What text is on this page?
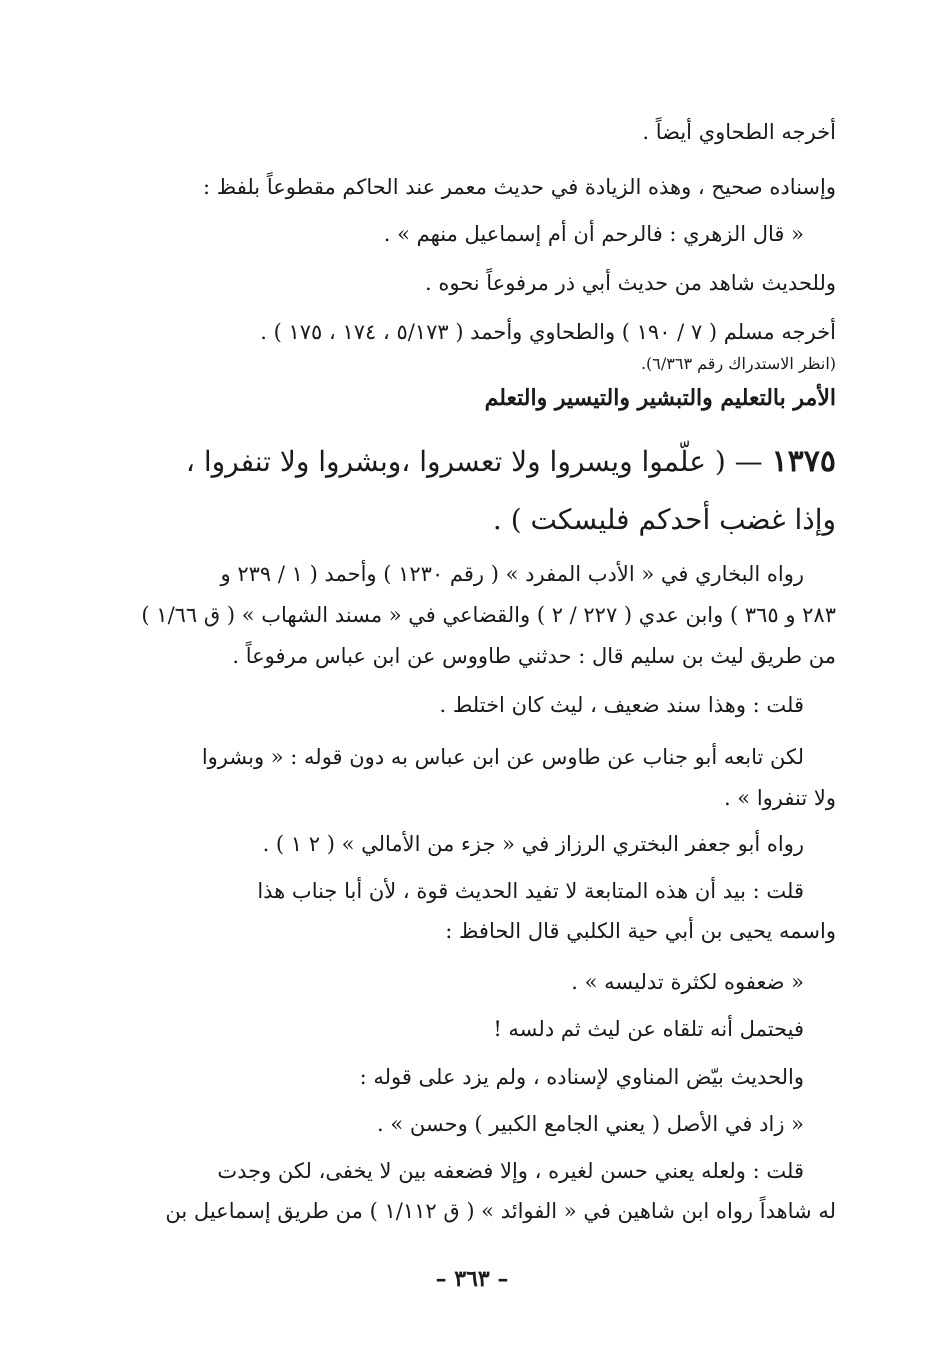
أخرجه الطحاوي أيضاً .
وإسناده صحيح ، وهذه الزيادة في حديث معمر عند الحاكم مقطوعاً بلفظ :
« قال الزهري : فالرحم أن أم إسماعيل منهم » .
وللحديث شاهد من حديث أبي ذر مرفوعاً نحوه .
أخرجه مسلم ( ٧ / ١٩٠ ) والطحاوي وأحمد ( ٥/١٧٣ ، ١٧٤ ، ١٧٥ ) .
(انظر الاستدراك رقم ٦/٣٦٣).
الأمر بالتعليم والتبشير والتيسير والتعلم
١٣٧٥ — ( علّموا ويسروا ولا تعسروا ،وبشروا ولا تنفروا ،
وإذا غضب أحدكم فليسكت ) .
رواه البخاري في « الأدب المفرد » ( رقم ١٢٣٠ ) وأحمد ( ١ / ٢٣٩ و
٢٨٣ و ٣٦٥ ) وابن عدي ( ٢٢٧ / ٢ ) والقضاعي في « مسند الشهاب » ( ق ١/٦٦ )
من طريق ليث بن سليم قال : حدثني طاووس عن ابن عباس مرفوعاً .
قلت : وهذا سند ضعيف ، ليث كان اختلط .
لكن تابعه أبو جناب عن طاوس عن ابن عباس به دون قوله : « وبشروا
ولا تنفروا » .
رواه أبو جعفر البختري الرزاز في « جزء من الأمالي » ( ٢ ١ ) .
قلت : بيد أن هذه المتابعة لا تفيد الحديث قوة ، لأن أبا جناب هذا
واسمه يحيى بن أبي حية الكلبي قال الحافظ :
« ضعفوه لكثرة تدليسه » .
فيحتمل أنه تلقاه عن ليث ثم دلسه !
والحديث بيّض المناوي لإسناده ، ولم يزد على قوله :
« زاد في الأصل ( يعني الجامع الكبير ) وحسن » .
قلت : ولعله يعني حسن لغيره ، وإلا فضعفه بين لا يخفى، لكن وجدت
له شاهداً رواه ابن شاهين في « الفوائد » ( ق ١/١١٢ ) من طريق إسماعيل بن
– ٣٦٣ –
